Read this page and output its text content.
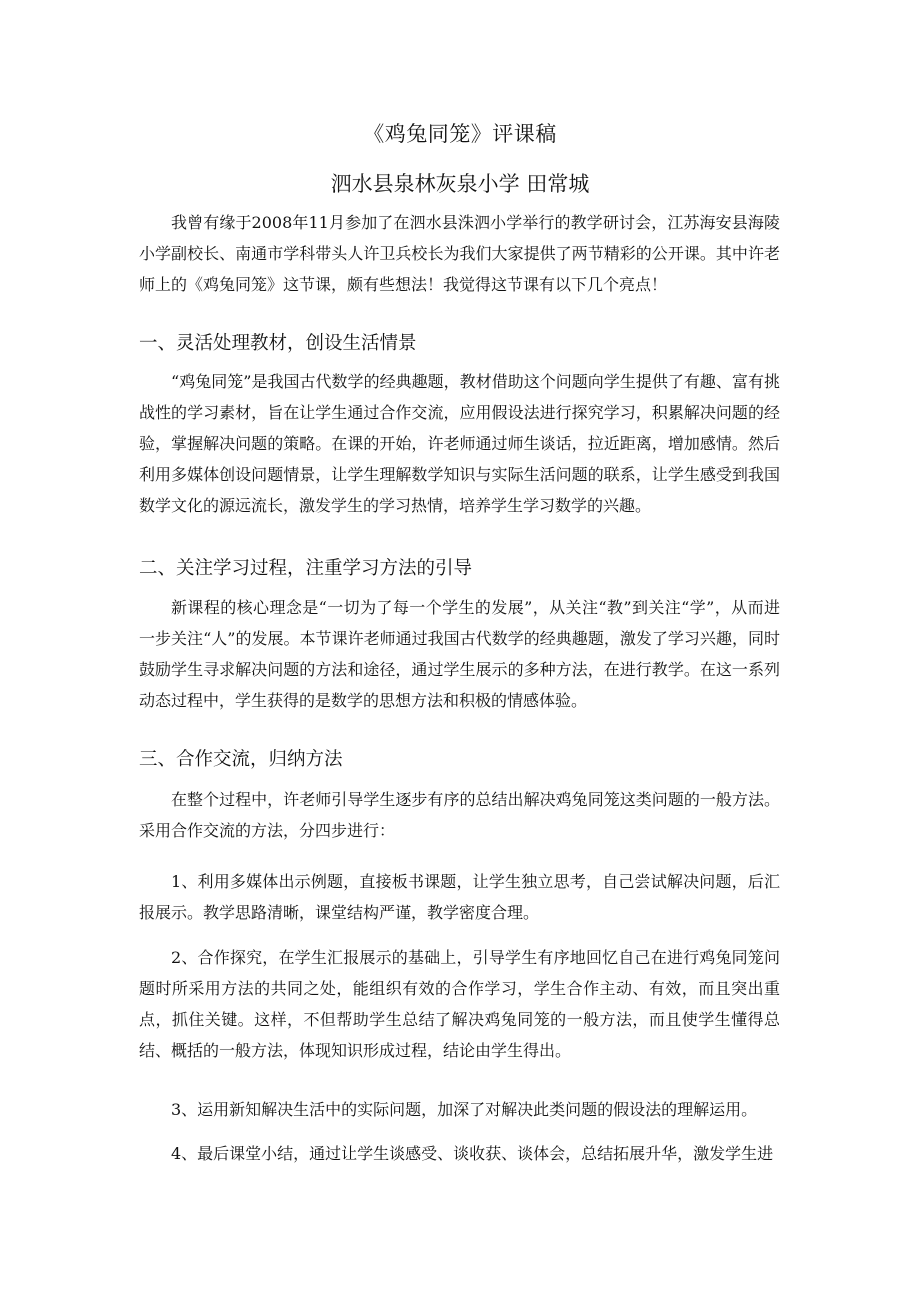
《鸡兔同笼》评课稿
泗水县泉林灰泉小学 田常城

我曾有缘于2008年11月参加了在泗水县洙泗小学举行的教学研讨会，江苏海安县海陵小学副校长、南通市学科带头人许卫兵校长为我们大家提供了两节精彩的公开课。其中许老师上的《鸡兔同笼》这节课，颇有些想法！我觉得这节课有以下几个亮点！

一、灵活处理教材，创设生活情景

“鸡兔同笼”是我国古代数学的经典趣题，教材借助这个问题向学生提供了有趣、富有挑战性的学习素材，旨在让学生通过合作交流，应用假设法进行探究学习，积累解决问题的经验，掌握解决问题的策略。在课的开始，许老师通过师生谈话，拉近距离，增加感情。然后利用多媒体创设问题情景，让学生理解数学知识与实际生活问题的联系，让学生感受到我国数学文化的源远流长，激发学生的学习热情，培养学生学习数学的兴趣。

二、关注学习过程，注重学习方法的引导

新课程的核心理念是“一切为了每一个学生的发展”，从关注“教”到关注“学”，从而进一步关注“人”的发展。本节课许老师通过我国古代数学的经典趣题，激发了学习兴趣，同时鼓励学生寻求解决问题的方法和途径，通过学生展示的多种方法，在进行教学。在这一系列动态过程中，学生获得的是数学的思想方法和积极的情感体验。

三、合作交流，归纳方法

在整个过程中，许老师引导学生逐步有序的总结出解决鸡兔同笼这类问题的一般方法。采用合作交流的方法，分四步进行：

1、利用多媒体出示例题，直接板书课题，让学生独立思考，自己尝试解决问题，后汇报展示。教学思路清晰，课堂结构严谨，教学密度合理。

2、合作探究，在学生汇报展示的基础上，引导学生有序地回忆自己在进行鸡兔同笼问题时所采用方法的共同之处，能组织有效的合作学习，学生合作主动、有效，而且突出重点，抓住关键。这样，不但帮助学生总结了解决鸡兔同笼的一般方法，而且使学生懂得总结、概括的一般方法，体现知识形成过程，结论由学生得出。

3、运用新知解决生活中的实际问题，加深了对解决此类问题的假设法的理解运用。

4、最后课堂小结，通过让学生谈感受、谈收获、谈体会，总结拓展升华，激发学生进
